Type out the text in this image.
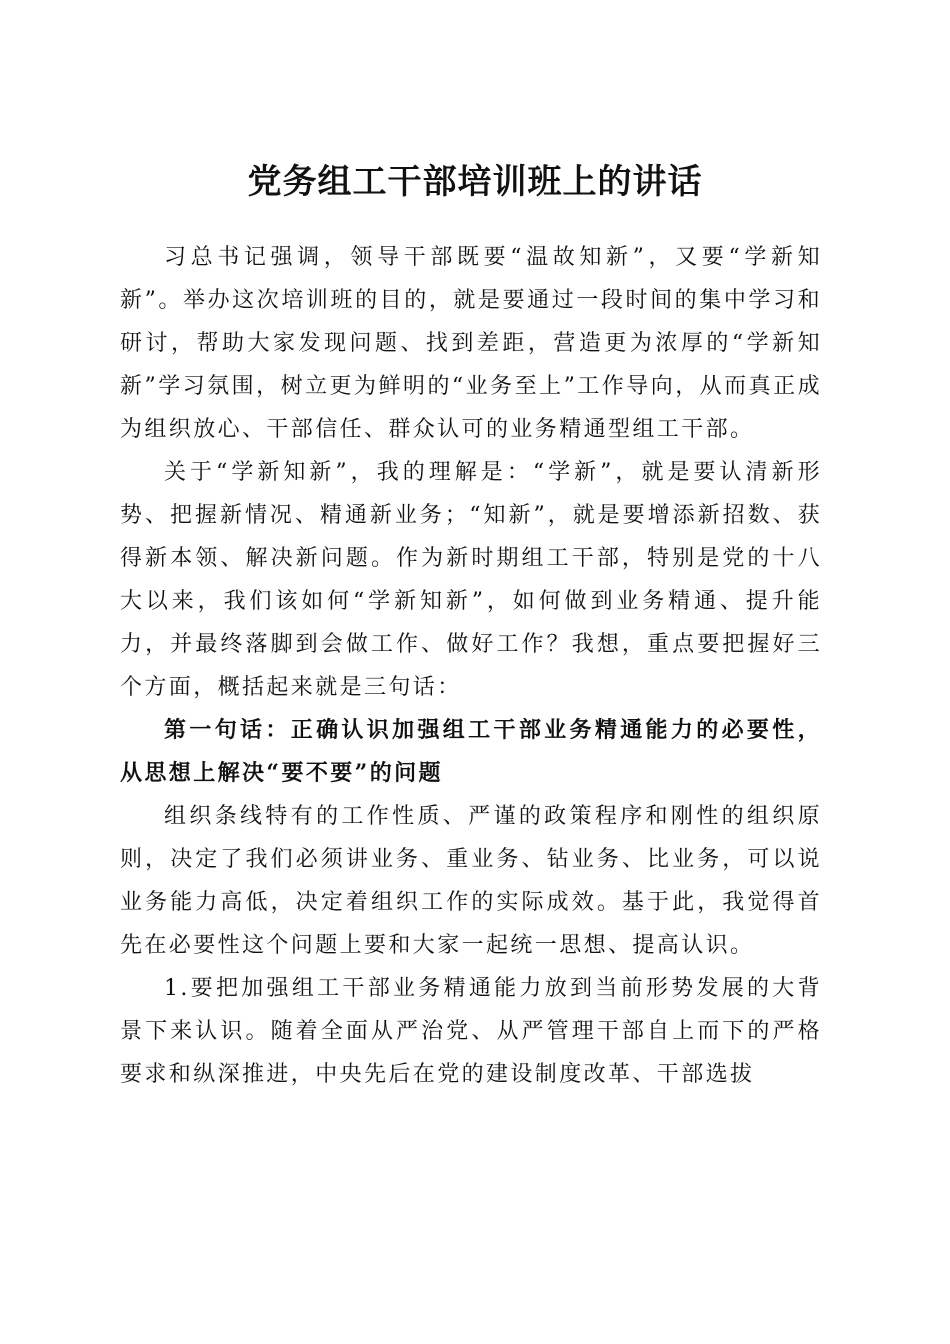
党务组工干部培训班上的讲话

习总书记强调，领导干部既要“温故知新”，又要“学新知新”。举办这次培训班的目的，就是要通过一段时间的集中学习和研讨，帮助大家发现问题、找到差距，营造更为浓厚的“学新知新”学习氛围，树立更为鲜明的“业务至上”工作导向，从而真正成为组织放心、干部信任、群众认可的业务精通型组工干部。

关于“学新知新”，我的理解是：“学新”，就是要认清新形势、把握新情况、精通新业务；“知新”，就是要增添新招数、获得新本领、解决新问题。作为新时期组工干部，特别是党的十八大以来，我们该如何“学新知新”，如何做到业务精通、提升能力，并最终落脚到会做工作、做好工作？我想，重点要把握好三个方面，概括起来就是三句话：

第一句话：正确认识加强组工干部业务精通能力的必要性，从思想上解决“要不要”的问题

组织条线特有的工作性质、严谨的政策程序和刚性的组织原则，决定了我们必须讲业务、重业务、钻业务、比业务，可以说业务能力高低，决定着组织工作的实际成效。基于此，我觉得首先在必要性这个问题上要和大家一起统一思想、提高认识。

1.要把加强组工干部业务精通能力放到当前形势发展的大背景下来认识。随着全面从严治党、从严管理干部自上而下的严格要求和纵深推进，中央先后在党的建设制度改革、干部选拔
